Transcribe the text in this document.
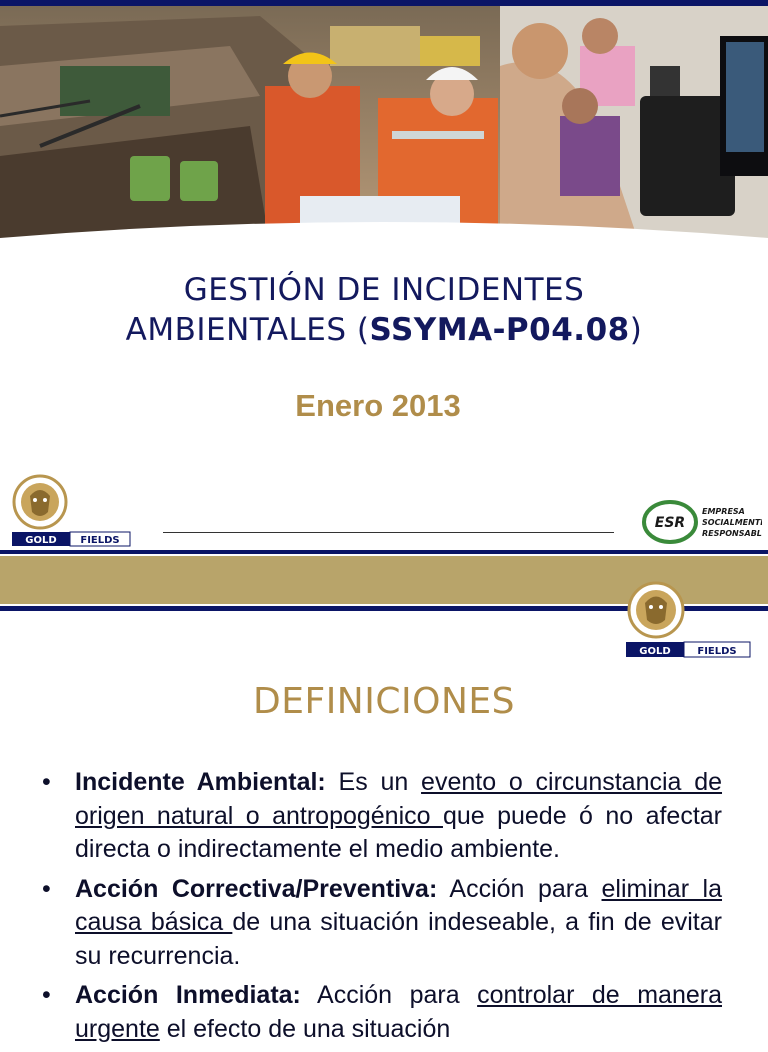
GESTIÓN DE INCIDENTES
AMBIENTALES (SSYMA-P04.08)
Enero 2013
GOLD FIELDS
ESR
EMPRESA
SOCIALMENTE
RESPONSABLE
GOLD	FIELDS
DEFINICIONES
• Incidente Ambiental: Es un evento o circunstancia de origen natural o antropogénico que puede ó no afectar directa o indirectamente el medio ambiente.
• Acción Correctiva/Preventiva: Acción para eliminar la causa básica de una situación indeseable, a fin de evitar su recurrencia.
• Acción Inmediata: Acción para controlar de manera urgente el efecto de una situación
